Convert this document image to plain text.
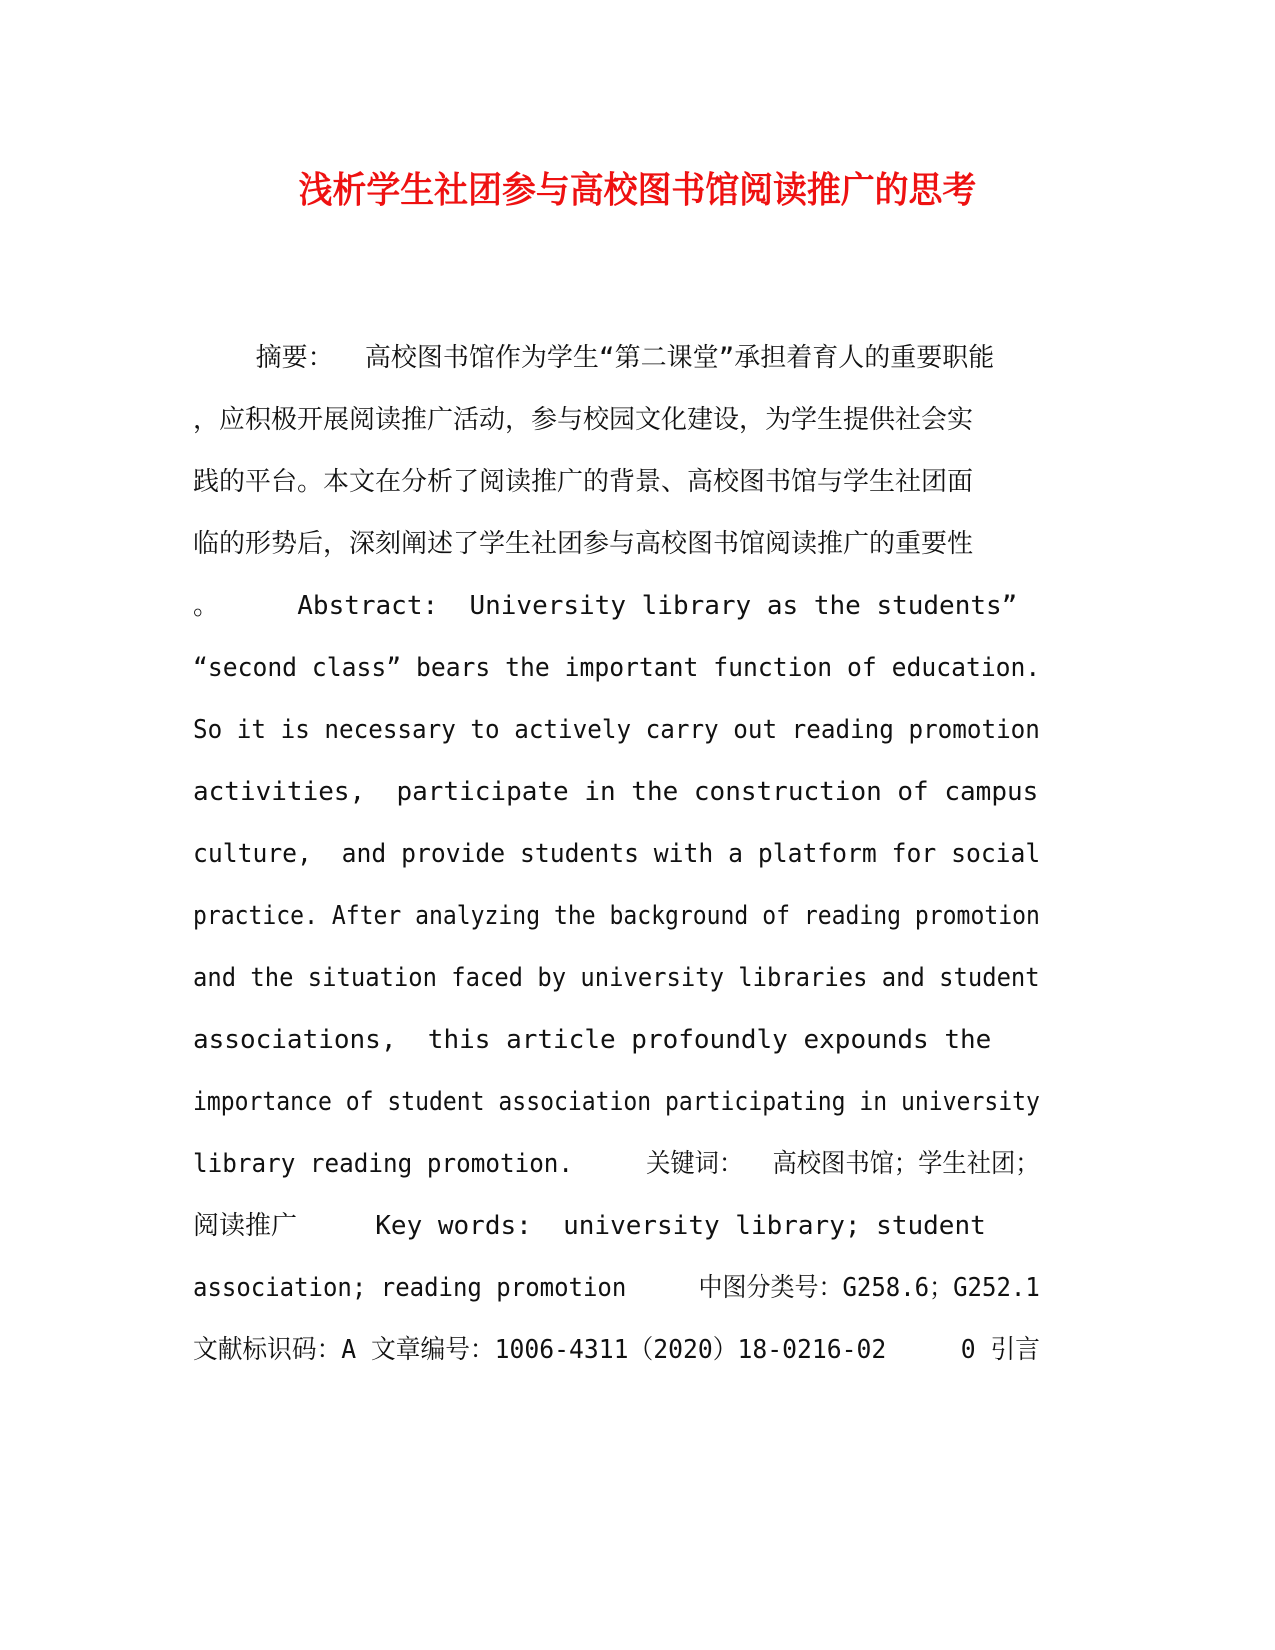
浅析学生社团参与高校图书馆阅读推广的思考
摘要：  高校图书馆作为学生“第二课堂”承担着育人的重要职能
，应积极开展阅读推广活动，参与校园文化建设，为学生提供社会实
践的平台。本文在分析了阅读推广的背景、高校图书馆与学生社团面
临的形势后，深刻阐述了学生社团参与高校图书馆阅读推广的重要性
。     Abstract:  University library as the students”
“second class” bears the important function of education.
So it is necessary to actively carry out reading promotion
activities,  participate in the construction of campus
culture,  and provide students with a platform for social
practice. After analyzing the background of reading promotion
and the situation faced by university libraries and student
associations,  this article profoundly expounds the
importance of student association participating in university
library reading promotion.     关键词：  高校图书馆；学生社团；
阅读推广     Key words:  university library; student
association; reading promotion     中图分类号：G258.6；G252.1
文献标识码：A 文章编号：1006-4311（2020）18-0216-02     0 引言
